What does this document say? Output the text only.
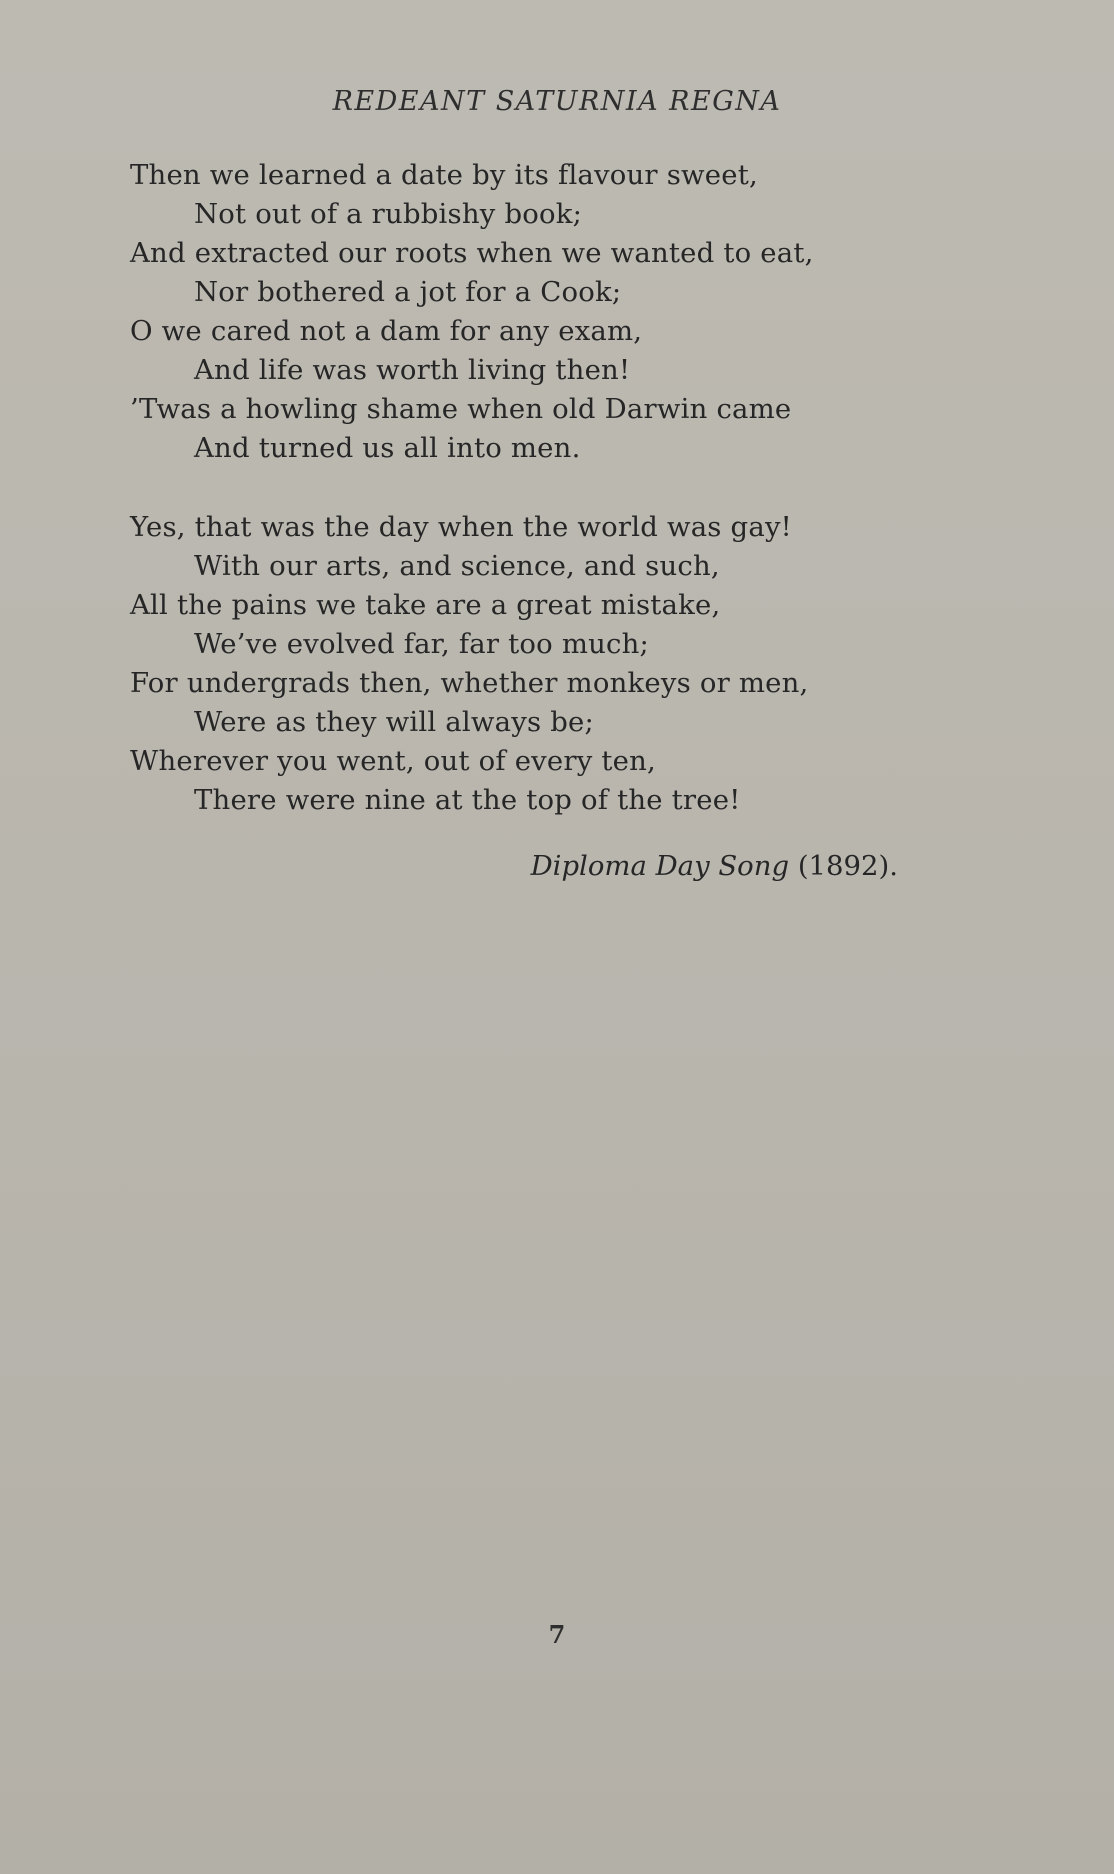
REDEANT SATURNIA REGNA
Then we learned a date by its flavour sweet,
Not out of a rubbishy book;
And extracted our roots when we wanted to eat,
Nor bothered a jot for a Cook;
O we cared not a dam for any exam,
And life was worth living then!
’Twas a howling shame when old Darwin came
And turned us all into men.
Yes, that was the day when the world was gay!
With our arts, and science, and such,
All the pains we take are a great mistake,
We’ve evolved far, far too much;
For undergrads then, whether monkeys or men,
Were as they will always be;
Wherever you went, out of every ten,
There were nine at the top of the tree!
Diploma Day Song (1892).
7
